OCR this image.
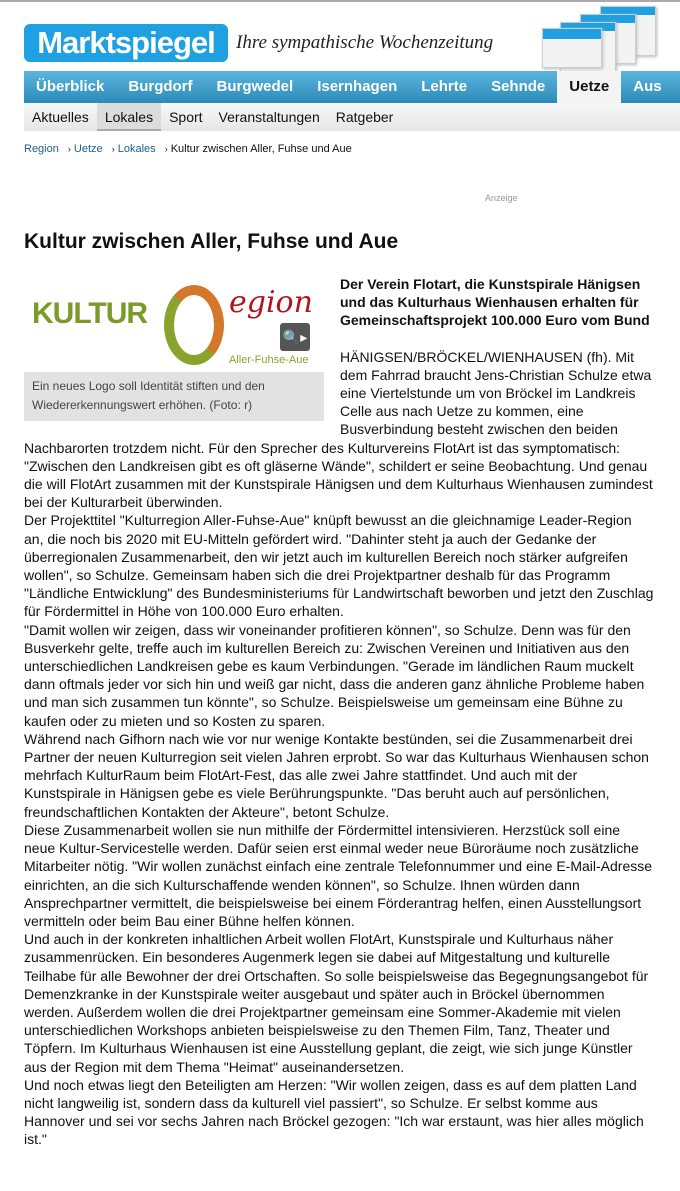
Marktspiegel	Ihre sympathische Wochenzeitung
Überblick	Burgdorf	Burgwedel	Isernhagen	Lehrte	Sehnde	Uetze	Aus
Aktuelles	Lokales	Sport	Veranstaltungen	Ratgeber
Region › Uetze › Lokales › Kultur zwischen Aller, Fuhse und Aue
Anzeige
Kultur zwischen Aller, Fuhse und Aue
KULTUR	egion
Aller-Fuhse-Aue
🔍▸
Ein neues Logo soll Identität stiften und den Wiedererkennungswert erhöhen. (Foto: r)

Der Verein Flotart, die Kunstspirale Hänigsen und das Kulturhaus Wienhausen erhalten für Gemeinschaftsprojekt 100.000 Euro vom Bund

HÄNIGSEN/BRÖCKEL/WIENHAUSEN (fh). Mit dem Fahrrad braucht Jens-Christian Schulze etwa eine Viertelstunde um von Bröckel im Landkreis Celle aus nach Uetze zu kommen, eine Busverbindung besteht zwischen den beiden Nachbarorten trotzdem nicht. Für den Sprecher des Kulturvereins FlotArt ist das symptomatisch: "Zwischen den Landkreisen gibt es oft gläserne Wände", schildert er seine Beobachtung. Und genau die will FlotArt zusammen mit der Kunstspirale Hänigsen und dem Kulturhaus Wienhausen zumindest bei der Kulturarbeit überwinden.

Der Projekttitel "Kulturregion Aller-Fuhse-Aue" knüpft bewusst an die gleichnamige Leader-Region an, die noch bis 2020 mit EU-Mitteln gefördert wird. "Dahinter steht ja auch der Gedanke der überregionalen Zusammenarbeit, den wir jetzt auch im kulturellen Bereich noch stärker aufgreifen wollen", so Schulze. Gemeinsam haben sich die drei Projektpartner deshalb für das Programm "Ländliche Entwicklung" des Bundesministeriums für Landwirtschaft beworben und jetzt den Zuschlag für Fördermittel in Höhe von 100.000 Euro erhalten.

"Damit wollen wir zeigen, dass wir voneinander profitieren können", so Schulze. Denn was für den Busverkehr gelte, treffe auch im kulturellen Bereich zu: Zwischen Vereinen und Initiativen aus den unterschiedlichen Landkreisen gebe es kaum Verbindungen. "Gerade im ländlichen Raum muckelt dann oftmals jeder vor sich hin und weiß gar nicht, dass die anderen ganz ähnliche Probleme haben und man sich zusammen tun könnte", so Schulze. Beispielsweise um gemeinsam eine Bühne zu kaufen oder zu mieten und so Kosten zu sparen.

Während nach Gifhorn nach wie vor nur wenige Kontakte bestünden, sei die Zusammenarbeit drei Partner der neuen Kulturregion seit vielen Jahren erprobt. So war das Kulturhaus Wienhausen schon mehrfach KulturRaum beim FlotArt-Fest, das alle zwei Jahre stattfindet. Und auch mit der Kunstspirale in Hänigsen gebe es viele Berührungspunkte. "Das beruht auch auf persönlichen, freundschaftlichen Kontakten der Akteure", betont Schulze.

Diese Zusammenarbeit wollen sie nun mithilfe der Fördermittel intensivieren. Herzstück soll eine neue Kultur-Servicestelle werden. Dafür seien erst einmal weder neue Büroräume noch zusätzliche Mitarbeiter nötig. "Wir wollen zunächst einfach eine zentrale Telefonnummer und eine E-Mail-Adresse einrichten, an die sich Kulturschaffende wenden können", so Schulze. Ihnen würden dann Ansprechpartner vermittelt, die beispielsweise bei einem Förderantrag helfen, einen Ausstellungsort vermitteln oder beim Bau einer Bühne helfen können.

Und auch in der konkreten inhaltlichen Arbeit wollen FlotArt, Kunstspirale und Kulturhaus näher zusammenrücken. Ein besonderes Augenmerk legen sie dabei auf Mitgestaltung und kulturelle Teilhabe für alle Bewohner der drei Ortschaften. So solle beispielsweise das Begegnungsangebot für Demenzkranke in der Kunstspirale weiter ausgebaut und später auch in Bröckel übernommen werden. Außerdem wollen die drei Projektpartner gemeinsam eine Sommer-Akademie mit vielen unterschiedlichen Workshops anbieten beispielsweise zu den Themen Film, Tanz, Theater und Töpfern. Im Kulturhaus Wienhausen ist eine Ausstellung geplant, die zeigt, wie sich junge Künstler aus der Region mit dem Thema "Heimat" auseinandersetzen.

Und noch etwas liegt den Beteiligten am Herzen: "Wir wollen zeigen, dass es auf dem platten Land nicht langweilig ist, sondern dass da kulturell viel passiert", so Schulze. Er selbst komme aus Hannover und sei vor sechs Jahren nach Bröckel gezogen: "Ich war erstaunt, was hier alles möglich ist."
